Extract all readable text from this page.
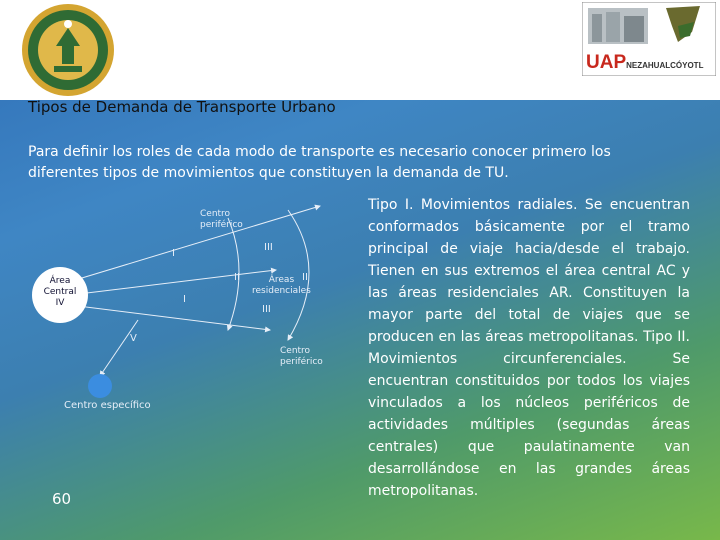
UAPNEZAHUALCÓYOTL
Tipos de Demanda de Transporte Urbano
Para definir los roles de cada modo de transporte es necesario conocer primero los diferentes tipos de movimientos que constituyen la demanda de TU.
Centro
periférico
Centro
periférico
Área
Central
IV
Áreas
residenciales
Centro específico
I
I
II	II
III
III
V
Tipo I. Movimientos radiales. Se encuentran conformados básicamente por el tramo principal de viaje hacia/desde el trabajo. Tienen en sus extremos el área central AC y las áreas residenciales AR. Constituyen la mayor parte del total de viajes que se producen en las áreas metropolitanas. Tipo II. Movimientos circunferenciales. Se encuentran constituidos por todos los viajes vinculados a los núcleos periféricos de actividades múltiples (segundas áreas centrales) que paulatinamente van desarrollándose en las grandes áreas metropolitanas.
60
